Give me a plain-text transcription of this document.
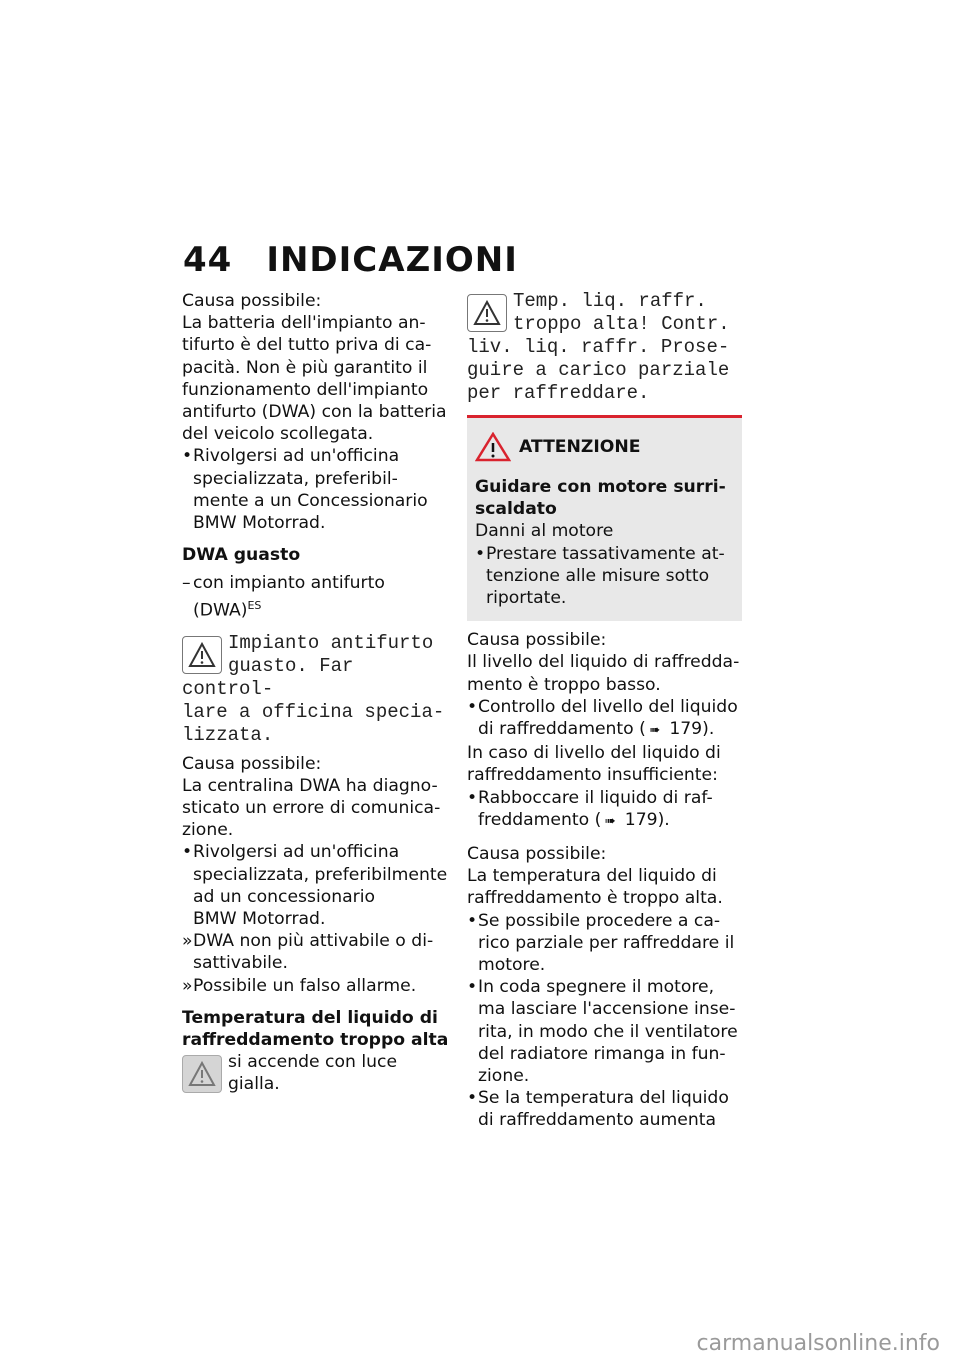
44 INDICAZIONI

Causa possibile:

La batteria dell'impianto an-

tifurto è del tutto priva di ca-

pacità. Non è più garantito il

funzionamento dell'impianto

antifurto (DWA) con la batteria

del veicolo scollegata.

• Rivolgersi ad un'officina
specializzata, preferibil-
mente a un Concessionario
BMW Motorrad.

DWA guasto

– con impianto antifurto
(DWA)$^{ES}$
Impianto antifurto
guasto. Far control-
lare a officina specia-
lizzata.

Causa possibile:

La centralina DWA ha diagno-

sticato un errore di comunica-

zione.

• Rivolgersi ad un'officina
specializzata, preferibilmente
ad un concessionario
BMW Motorrad.
» DWA non più attivabile o di-
sattivabile.
» Possibile un falso allarme.

Temperatura del liquido di
raffreddamento troppo alta

si accende con luce gialla.

Temp. liq. raffr.
troppo alta! Contr.
liv. liq. raffr. Prose-
guire a carico parziale
per raffreddare.
ATTENZIONE

Guidare con motore surri-
scaldato

Danni al motore

• Prestare tassativamente at-
tenzione alle misure sotto
riportate.

Causa possibile:

Il livello del liquido di raffredda-

mento è troppo basso.

• Controllo del livello del liquido
di raffreddamento ( ➠ 179).

In caso di livello del liquido di

raffreddamento insufficiente:

• Rabboccare il liquido di raf-
freddamento ( ➠ 179).

Causa possibile:

La temperatura del liquido di

raffreddamento è troppo alta.

• Se possibile procedere a ca-
rico parziale per raffreddare il
motore.
• In coda spegnere il motore,
ma lasciare l'accensione inse-
rita, in modo che il ventilatore
del radiatore rimanga in fun-
zione.
• Se la temperatura del liquido
di raffreddamento aumenta
carmanualsonline.info
